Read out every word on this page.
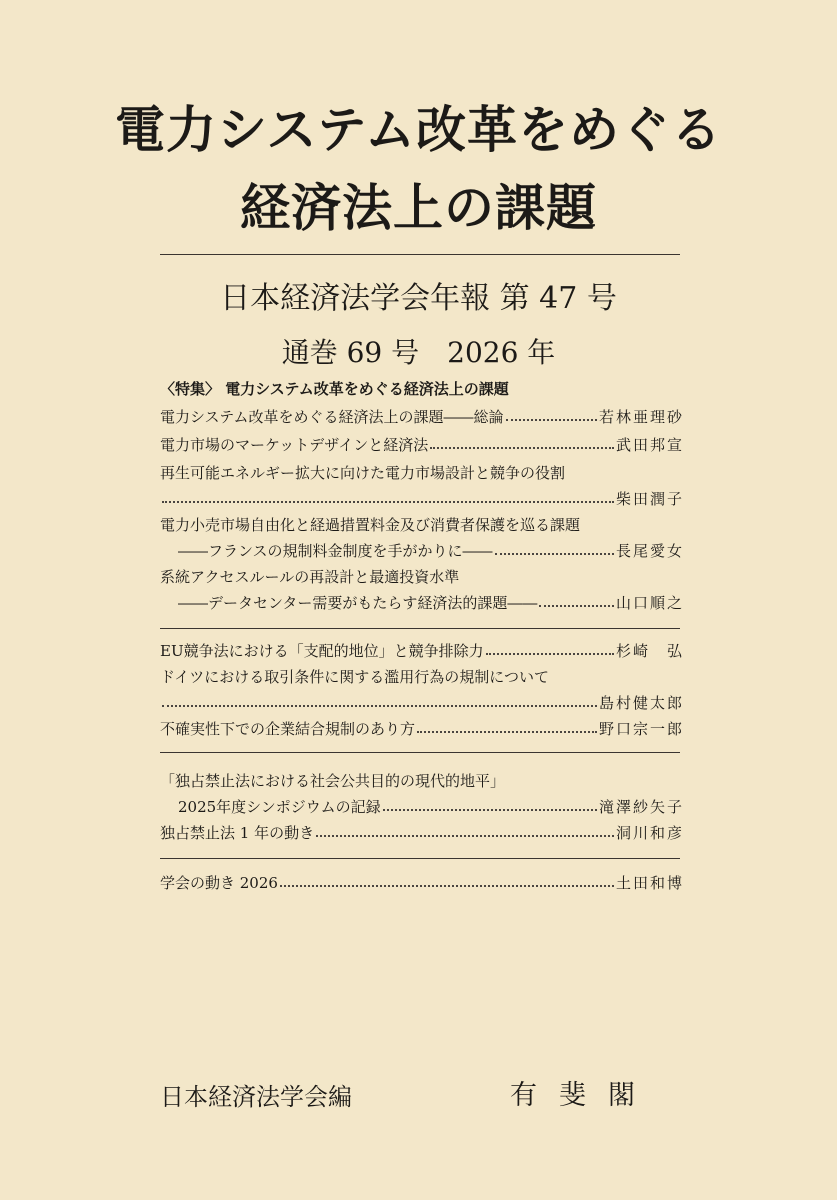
電力システム改革をめぐる
経済法上の課題
日本経済法学会年報 第 47 号
通巻 69 号　2026 年
〈特集〉 電力システム改革をめぐる経済法上の課題
電力システム改革をめぐる経済法上の課題――総論	若林亜理砂
電力市場のマーケットデザインと経済法	武田邦宣
再生可能エネルギー拡大に向けた電力市場設計と競争の役割
柴田潤子
電力小売市場自由化と経過措置料金及び消費者保護を巡る課題
――フランスの規制料金制度を手がかりに――	長尾愛女
系統アクセスルールの再設計と最適投資水準
――データセンター需要がもたらす経済法的課題――	山口順之
EU競争法における「支配的地位」と競争排除力	杉崎　弘
ドイツにおける取引条件に関する濫用行為の規制について
島村健太郎
不確実性下での企業結合規制のあり方	野口宗一郎
「独占禁止法における社会公共目的の現代的地平」
2025年度シンポジウムの記録	滝澤紗矢子
独占禁止法 1 年の動き	洞川和彦
学会の動き 2026	土田和博
日本経済法学会編	有斐閣
